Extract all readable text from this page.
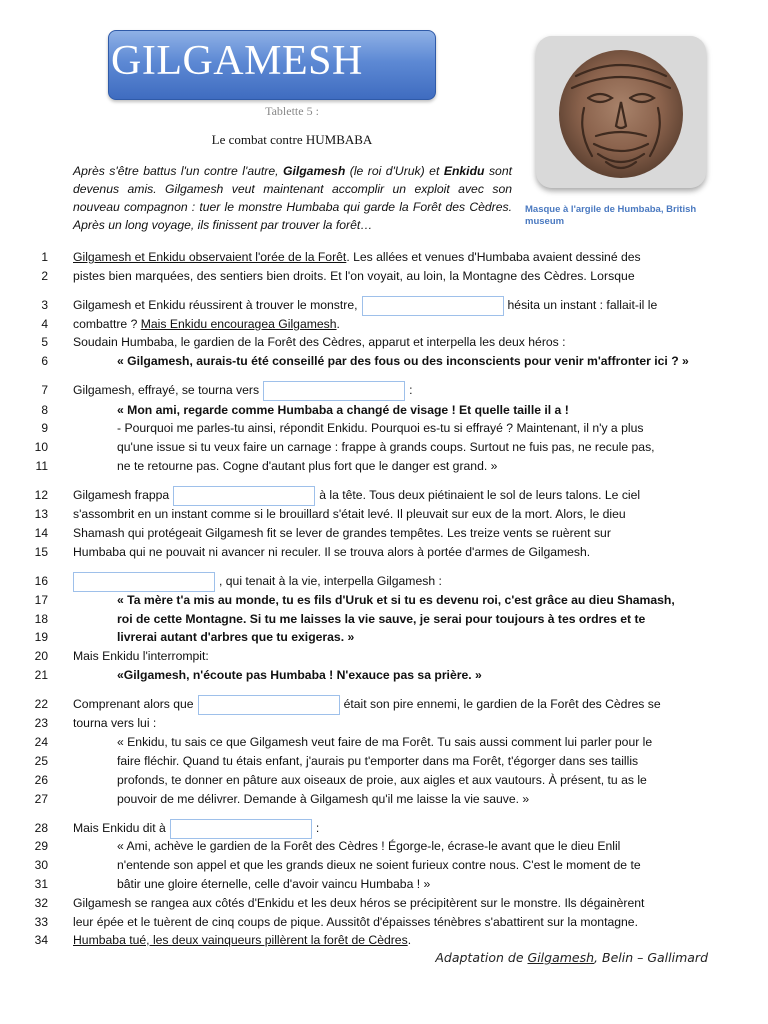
GILGAMESH
Tablette 5 :
Le combat contre HUMBABA
Après s'être battus l'un contre l'autre, Gilgamesh (le roi d'Uruk) et Enkidu sont devenus amis. Gilgamesh veut maintenant accomplir un exploit avec son nouveau compagnon : tuer le monstre Humbaba qui garde la Forêt des Cèdres. Après un long voyage, ils finissent par trouver la forêt…
Masque à l'argile de Humbaba, British museum
1
2
3
4
5
6
7
8
9
10
11
12
13
14
15
16
17
18
19
20
21
22
23
24
25
26
27
28
29
30
31
32
33
34
Gilgamesh et Enkidu observaient l'orée de la Forêt. Les allées et venues d'Humbaba avaient dessiné des
pistes bien marquées, des sentiers bien droits. Et l'on voyait, au loin, la Montagne des Cèdres. Lorsque
Gilgamesh et Enkidu réussirent à trouver le monstre,	hésita un instant : fallait-il le
combattre ? Mais Enkidu encouragea Gilgamesh.
Soudain Humbaba, le gardien de la Forêt des Cèdres, apparut et interpella les deux héros :
« Gilgamesh, aurais-tu été conseillé par des fous ou des inconscients pour venir m'affronter ici ? »
Gilgamesh, effrayé, se tourna vers	:
« Mon ami, regarde comme Humbaba a changé de visage ! Et quelle taille il a !
- Pourquoi me parles-tu ainsi, répondit Enkidu. Pourquoi es-tu si effrayé ? Maintenant, il n'y a plus
qu'une issue si tu veux faire un carnage : frappe à grands coups. Surtout ne fuis pas, ne recule pas,
ne te retourne pas. Cogne d'autant plus fort que le danger est grand. »
Gilgamesh frappa	à la tête. Tous deux piétinaient le sol de leurs talons. Le ciel
s'assombrit en un instant comme si le brouillard s'était levé. Il pleuvait sur eux de la mort. Alors, le dieu
Shamash qui protégeait Gilgamesh fit se lever de grandes tempêtes. Les treize vents se ruèrent sur
Humbaba qui ne pouvait ni avancer ni reculer. Il se trouva alors à portée d'armes de Gilgamesh.
, qui tenait à la vie, interpella Gilgamesh :
« Ta mère t'a mis au monde, tu es fils d'Uruk et si tu es devenu roi, c'est grâce au dieu Shamash,
roi de cette Montagne. Si tu me laisses la vie sauve, je serai pour toujours à tes ordres et te
livrerai autant d'arbres que tu exigeras. »
Mais Enkidu l'interrompit:
«Gilgamesh, n'écoute pas Humbaba ! N'exauce pas sa prière. »
Comprenant alors que	était son pire ennemi, le gardien de la Forêt des Cèdres se
tourna vers lui :
« Enkidu, tu sais ce que Gilgamesh veut faire de ma Forêt. Tu sais aussi comment lui parler pour le
faire fléchir. Quand tu étais enfant, j'aurais pu t'emporter dans ma Forêt, t'égorger dans ses taillis
profonds, te donner en pâture aux oiseaux de proie, aux aigles et aux vautours. À présent, tu as le
pouvoir de me délivrer. Demande à Gilgamesh qu'il me laisse la vie sauve. »
Mais Enkidu dit à	:
« Ami, achève le gardien de la Forêt des Cèdres ! Égorge-le, écrase-le avant que le dieu Enlil
n'entende son appel et que les grands dieux ne soient furieux contre nous. C'est le moment de te
bâtir une gloire éternelle, celle d'avoir vaincu Humbaba ! »
Gilgamesh se rangea aux côtés d'Enkidu et les deux héros se précipitèrent sur le monstre. Ils dégainèrent
leur épée et le tuèrent de cinq coups de pique. Aussitôt d'épaisses ténèbres s'abattirent sur la montagne.
Humbaba tué, les deux vainqueurs pillèrent la forêt de Cèdres.
Adaptation de Gilgamesh, Belin – Gallimard
